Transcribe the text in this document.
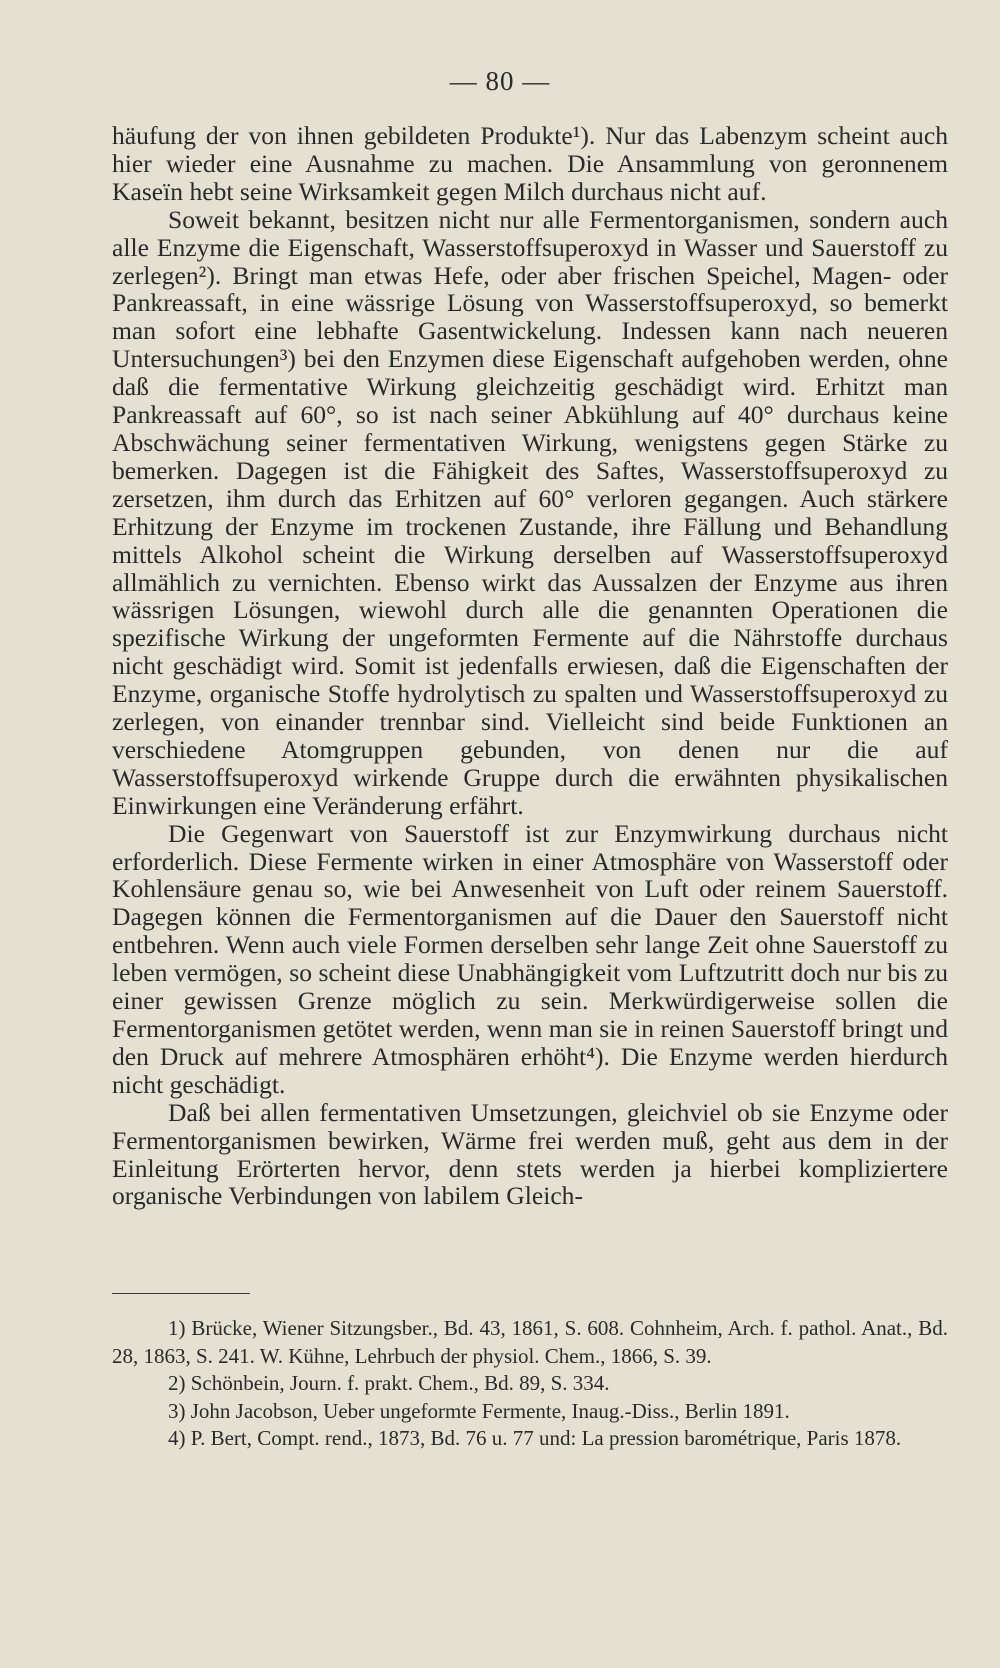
— 80 —

häufung der von ihnen gebildeten Produkte¹). Nur das Labenzym scheint auch hier wieder eine Ausnahme zu machen. Die Ansammlung von geronnenem Kaseïn hebt seine Wirksamkeit gegen Milch durchaus nicht auf.

Soweit bekannt, besitzen nicht nur alle Fermentorganismen, sondern auch alle Enzyme die Eigenschaft, Wasserstoffsuperoxyd in Wasser und Sauerstoff zu zerlegen²). Bringt man etwas Hefe, oder aber frischen Speichel, Magen- oder Pankreassaft, in eine wässrige Lösung von Wasserstoffsuperoxyd, so bemerkt man sofort eine lebhafte Gasentwickelung. Indessen kann nach neueren Untersuchungen³) bei den Enzymen diese Eigenschaft aufgehoben werden, ohne daß die fermentative Wirkung gleichzeitig geschädigt wird. Erhitzt man Pankreassaft auf 60°, so ist nach seiner Abkühlung auf 40° durchaus keine Abschwächung seiner fermentativen Wirkung, wenigstens gegen Stärke zu bemerken. Dagegen ist die Fähigkeit des Saftes, Wasserstoffsuperoxyd zu zersetzen, ihm durch das Erhitzen auf 60° verloren gegangen. Auch stärkere Erhitzung der Enzyme im trockenen Zustande, ihre Fällung und Behandlung mittels Alkohol scheint die Wirkung derselben auf Wasserstoffsuperoxyd allmählich zu vernichten. Ebenso wirkt das Aussalzen der Enzyme aus ihren wässrigen Lösungen, wiewohl durch alle die genannten Operationen die spezifische Wirkung der ungeformten Fermente auf die Nährstoffe durchaus nicht geschädigt wird. Somit ist jedenfalls erwiesen, daß die Eigenschaften der Enzyme, organische Stoffe hydrolytisch zu spalten und Wasserstoffsuperoxyd zu zerlegen, von einander trennbar sind. Vielleicht sind beide Funktionen an verschiedene Atomgruppen gebunden, von denen nur die auf Wasserstoffsuperoxyd wirkende Gruppe durch die erwähnten physikalischen Einwirkungen eine Veränderung erfährt.

Die Gegenwart von Sauerstoff ist zur Enzymwirkung durchaus nicht erforderlich. Diese Fermente wirken in einer Atmosphäre von Wasserstoff oder Kohlensäure genau so, wie bei Anwesenheit von Luft oder reinem Sauerstoff. Dagegen können die Fermentorganismen auf die Dauer den Sauerstoff nicht entbehren. Wenn auch viele Formen derselben sehr lange Zeit ohne Sauerstoff zu leben vermögen, so scheint diese Unabhängigkeit vom Luftzutritt doch nur bis zu einer gewissen Grenze möglich zu sein. Merkwürdigerweise sollen die Fermentorganismen getötet werden, wenn man sie in reinen Sauerstoff bringt und den Druck auf mehrere Atmosphären erhöht⁴). Die Enzyme werden hierdurch nicht geschädigt.

Daß bei allen fermentativen Umsetzungen, gleichviel ob sie Enzyme oder Fermentorganismen bewirken, Wärme frei werden muß, geht aus dem in der Einleitung Erörterten hervor, denn stets werden ja hierbei kompliziertere organische Verbindungen von labilem Gleich-

1) Brücke, Wiener Sitzungsber., Bd. 43, 1861, S. 608. Cohnheim, Arch. f. pathol. Anat., Bd. 28, 1863, S. 241. W. Kühne, Lehrbuch der physiol. Chem., 1866, S. 39.

2) Schönbein, Journ. f. prakt. Chem., Bd. 89, S. 334.

3) John Jacobson, Ueber ungeformte Fermente, Inaug.-Diss., Berlin 1891.

4) P. Bert, Compt. rend., 1873, Bd. 76 u. 77 und: La pression barométrique, Paris 1878.
